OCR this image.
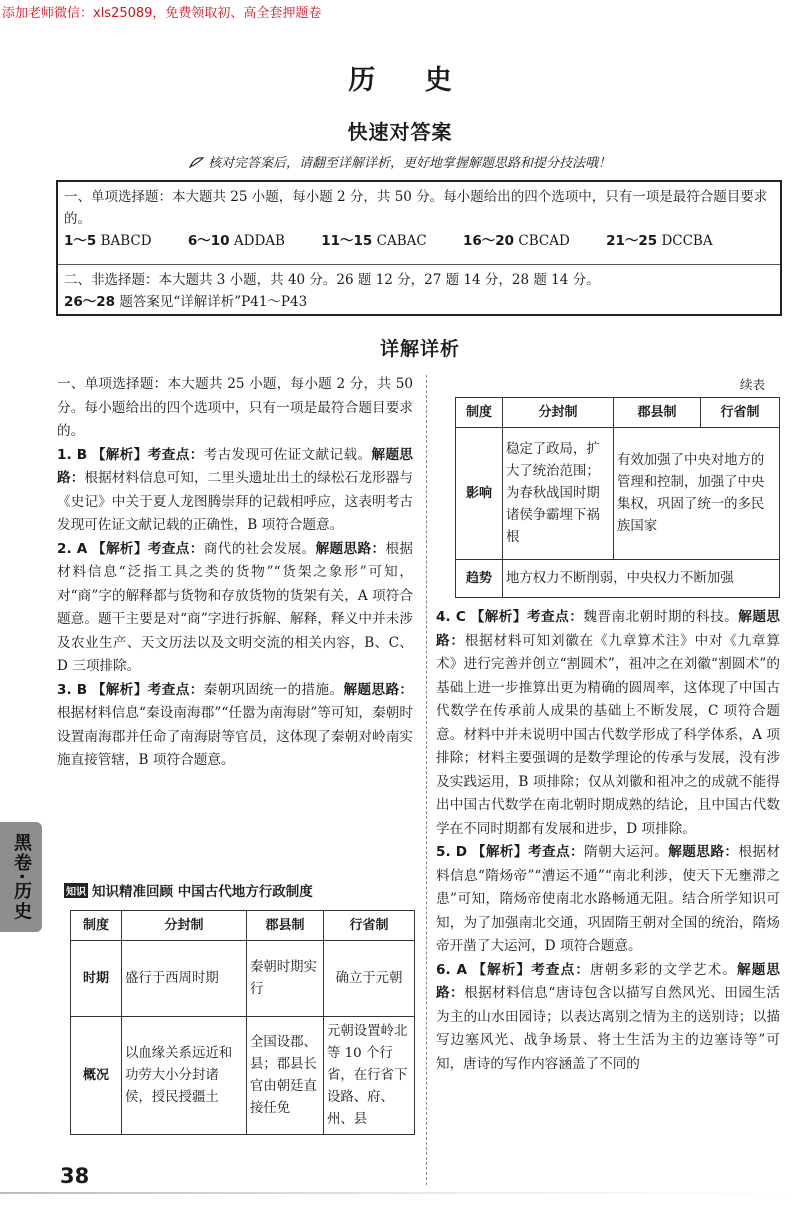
添加老师微信：xls25089，免费领取初、高全套押题卷
历 史
快速对答案
核对完答案后，请翻至详解详析，更好地掌握解题思路和提分技法哦！
一、单项选择题：本大题共 25 小题，每小题 2 分，共 50 分。每小题给出的四个选项中，只有一项是最符合题目要求的。
1～5 BABCD	6～10 ADDAB	11～15 CABAC	16～20 CBCAD	21～25 DCCBA
二、非选择题：本大题共 3 小题，共 40 分。26 题 12 分，27 题 14 分，28 题 14 分。
26～28 题答案见“详解详析”P41～P43
详解详析

一、单项选择题：本大题共 25 小题，每小题 2 分，共 50 分。每小题给出的四个选项中，只有一项是最符合题目要求的。

1. B 【解析】考查点：考古发现可佐证文献记载。解题思路：根据材料信息可知，二里头遗址出土的绿松石龙形器与《史记》中关于夏人龙图腾崇拜的记载相呼应，这表明考古发现可佐证文献记载的正确性，B 项符合题意。

2. A 【解析】考查点：商代的社会发展。解题思路：根据材料信息“泛指工具之类的货物”“货架之象形”可知，对“商”字的解释都与货物和存放货物的货架有关，A 项符合题意。题干主要是对“商”字进行拆解、解释，释义中并未涉及农业生产、天文历法以及文明交流的相关内容，B、C、D 三项排除。

3. B 【解析】考查点：秦朝巩固统一的措施。解题思路：根据材料信息“秦设南海郡”“任嚣为南海尉”等可知，秦朝时设置南海郡并任命了南海尉等官员，这体现了秦朝对岭南实施直接管辖，B 项符合题意。

知识 知识精准回顾 中国古代地方行政制度
制度	分封制	郡县制	行省制
时期	盛行于西周时期	秦朝时期实行	确立于元朝
概况	以血缘关系远近和功劳大小分封诸侯，授民授疆土	全国设郡、县；郡县长官由朝廷直接任免	元朝设置岭北等 10 个行省，在行省下设路、府、州、县
续表
制度	分封制	郡县制	行省制
影响	稳定了政局，扩大了统治范围；为春秋战国时期诸侯争霸埋下祸根	有效加强了中央对地方的管理和控制，加强了中央集权，巩固了统一的多民族国家	
趋势	地方权力不断削弱，中央权力不断加强		

4. C 【解析】考查点：魏晋南北朝时期的科技。解题思路：根据材料可知刘徽在《九章算术注》中对《九章算术》进行完善并创立“割圆术”，祖冲之在刘徽“割圆术”的基础上进一步推算出更为精确的圆周率，这体现了中国古代数学在传承前人成果的基础上不断发展，C 项符合题意。材料中并未说明中国古代数学形成了科学体系，A 项排除；材料主要强调的是数学理论的传承与发展，没有涉及实践运用，B 项排除；仅从刘徽和祖冲之的成就不能得出中国古代数学在南北朝时期成熟的结论，且中国古代数学在不同时期都有发展和进步，D 项排除。

5. D 【解析】考查点：隋朝大运河。解题思路：根据材料信息“隋炀帝”“漕运不通”“南北利涉，使天下无壅滞之患”可知，隋炀帝使南北水路畅通无阻。结合所学知识可知，为了加强南北交通，巩固隋王朝对全国的统治，隋炀帝开凿了大运河，D 项符合题意。

6. A 【解析】考查点：唐朝多彩的文学艺术。解题思路：根据材料信息“唐诗包含以描写自然风光、田园生活为主的山水田园诗；以表达离别之情为主的送别诗；以描写边塞风光、战争场景、将士生活为主的边塞诗等”可知，唐诗的写作内容涵盖了不同的

黑卷·历史
38
